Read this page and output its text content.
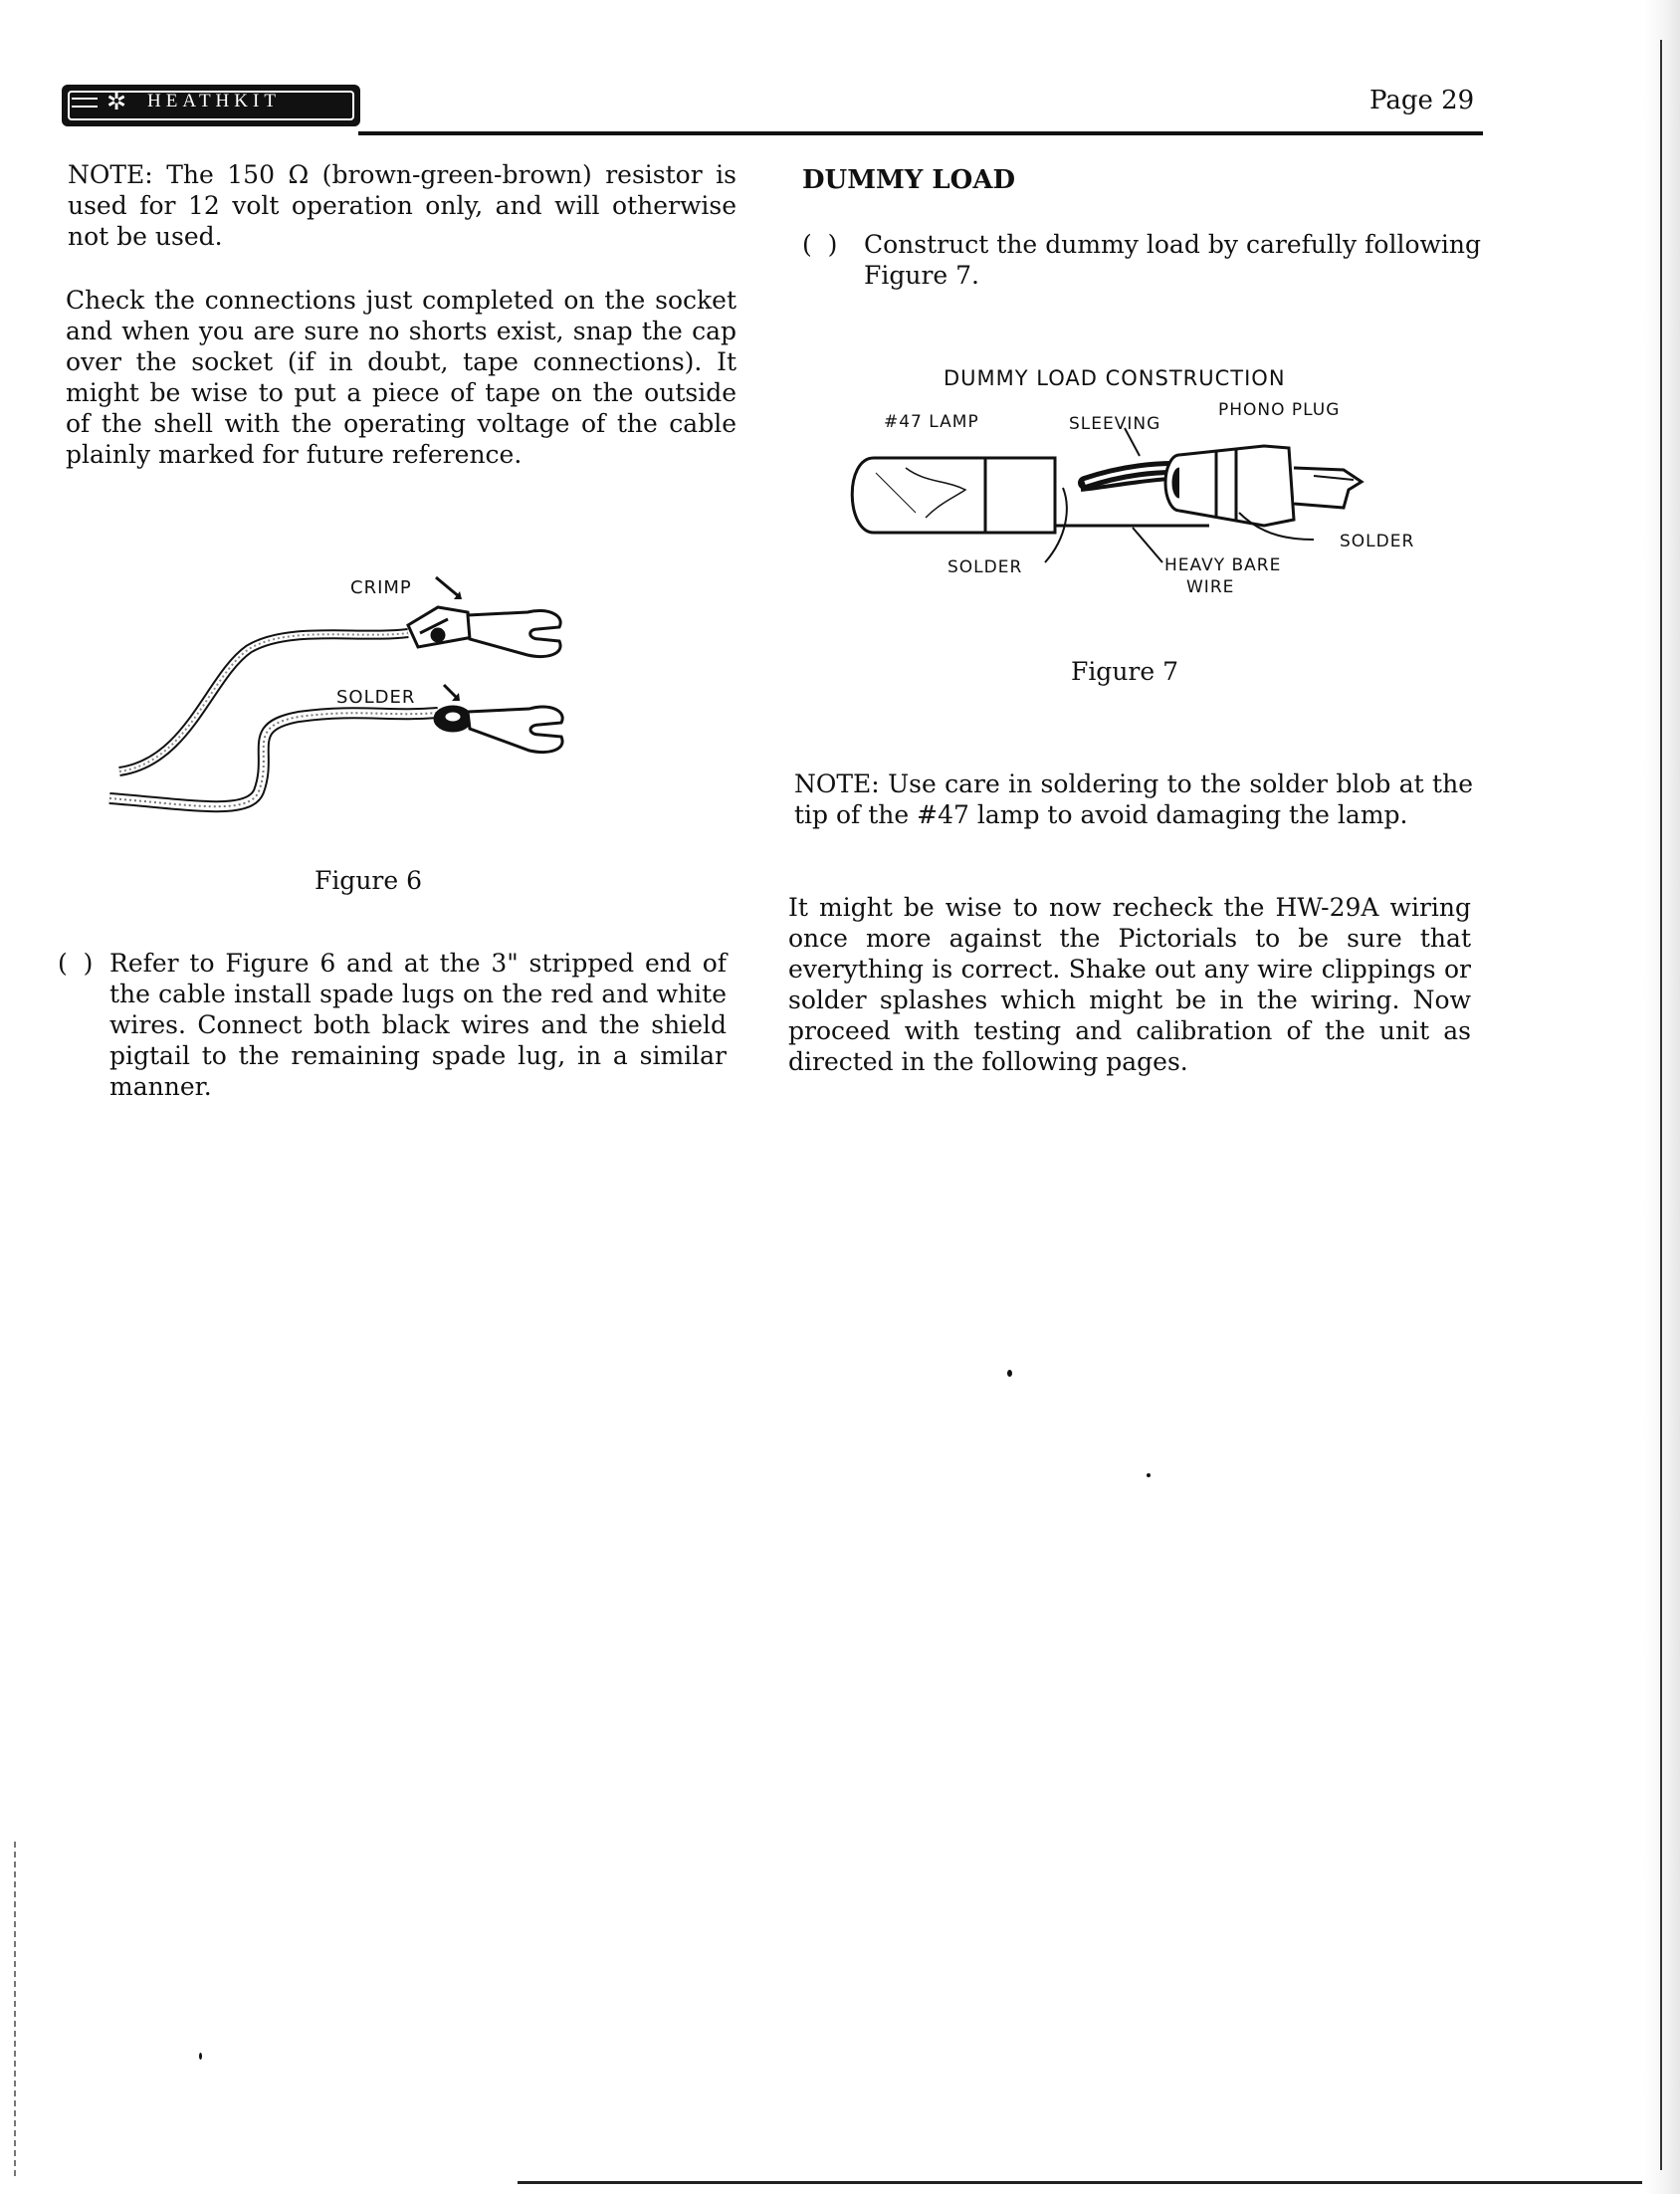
✲	HEATHKIT	Page 29

NOTE: The 150 Ω (brown-green-brown) resistor is used for 12 volt operation only, and will otherwise not be used.

Check the connections just completed on the socket and when you are sure no shorts exist, snap the cap over the socket (if in doubt, tape connections). It might be wise to put a piece of tape on the outside of the shell with the operating voltage of the cable plainly marked for future reference.

CRIMP
SOLDER
Figure 6
(  ) Refer to Figure 6 and at the 3" stripped end of the cable install spade lugs on the red and white wires. Connect both black wires and the shield pigtail to the remaining spade lug, in a similar manner.

DUMMY LOAD
(  ) Construct the dummy load by carefully following Figure 7.

DUMMY LOAD CONSTRUCTION
#47 LAMP	SLEEVING
PHONO PLUG
SOLDER
SOLDER	HEAVY BARE
WIRE
Figure 7

NOTE: Use care in soldering to the solder blob at the tip of the #47 lamp to avoid damaging the lamp.

It might be wise to now recheck the HW-29A wiring once more against the Pictorials to be sure that everything is correct. Shake out any wire clippings or solder splashes which might be in the wiring. Now proceed with testing and calibration of the unit as directed in the following pages.
